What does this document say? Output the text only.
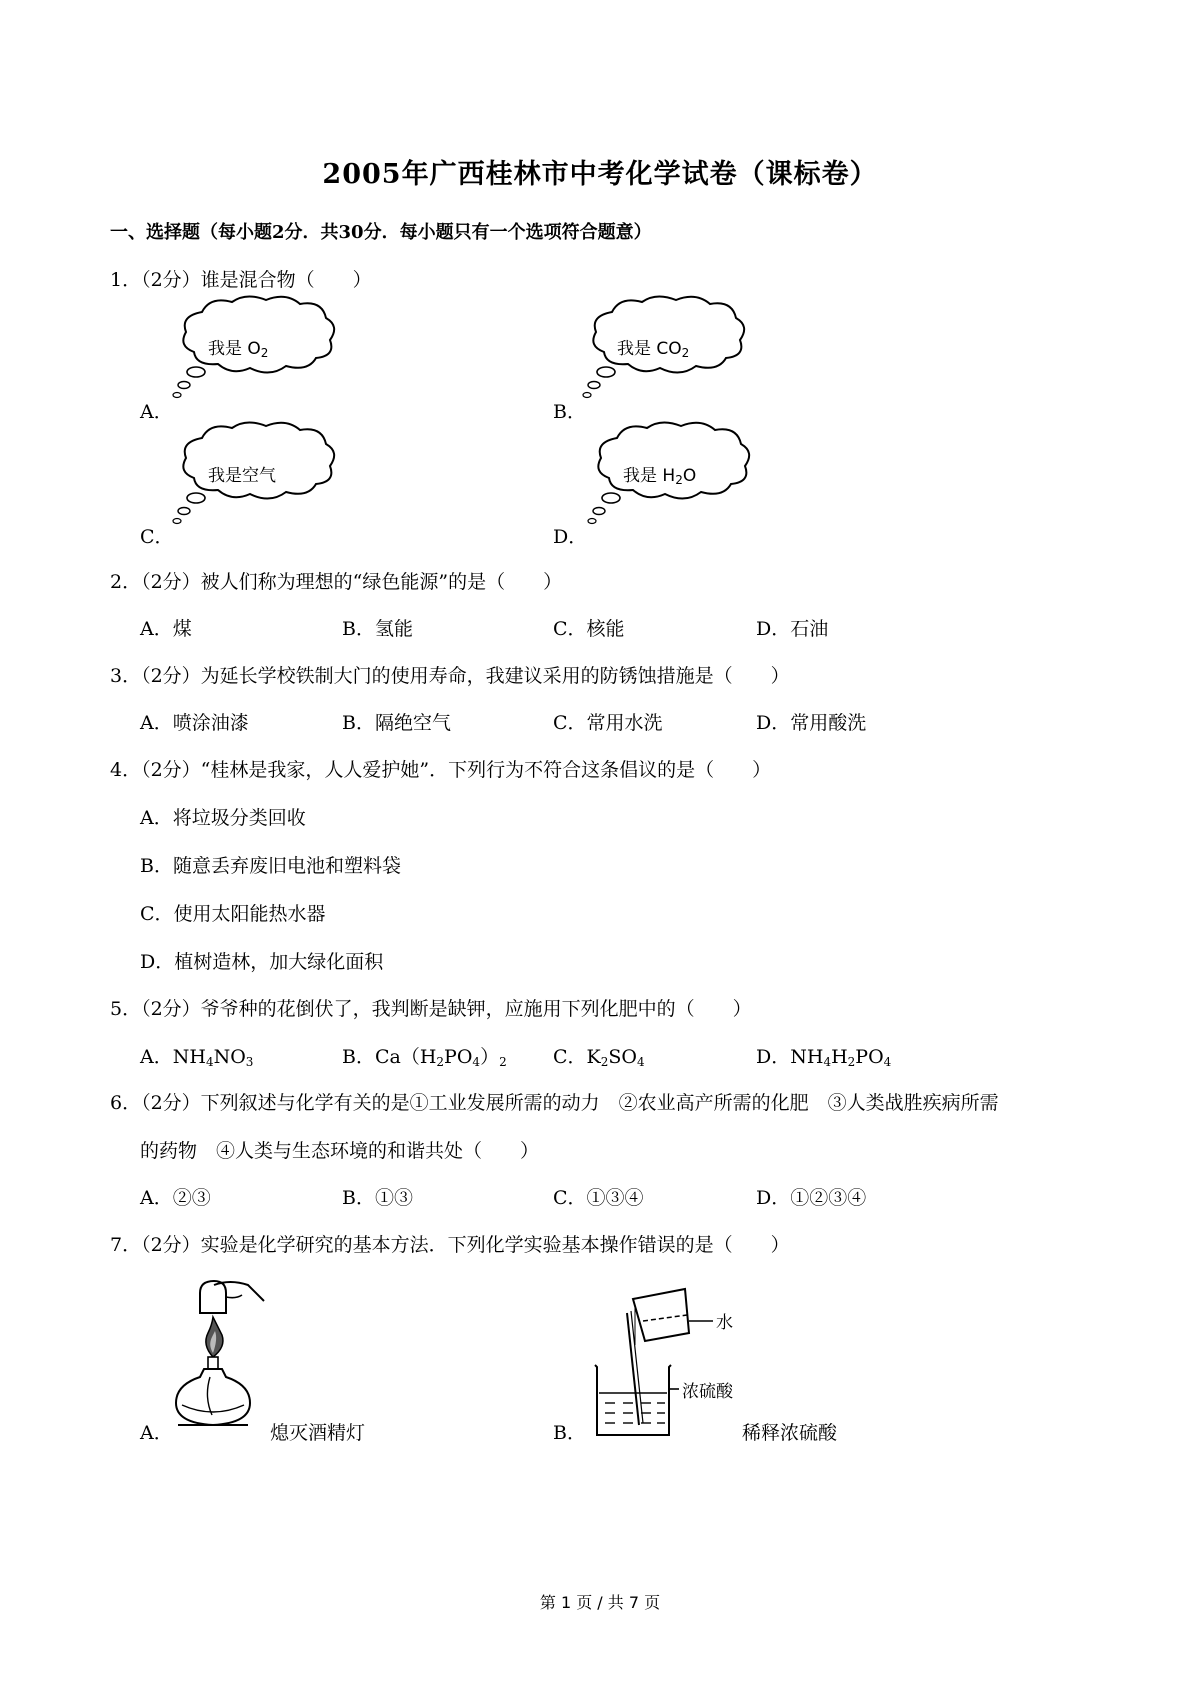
2005年广西桂林市中考化学试卷（课标卷）
一、选择题（每小题2分．共30分．每小题只有一个选项符合题意）
1．（2分）谁是混合物（　　）
我是 $O_2$
A．
我是 $CO_2$
B．
我是空气
C．
我是 $H_2O$
D．
2．（2分）被人们称为理想的“绿色能源”的是（　　）
A．煤	B．氢能	C．核能	D．石油
3．（2分）为延长学校铁制大门的使用寿命，我建议采用的防锈蚀措施是（　　）
A．喷涂油漆	B．隔绝空气	C．常用水洗	D．常用酸洗
4．（2分）“桂林是我家，人人爱护她”．下列行为不符合这条倡议的是（　　）
A．将垃圾分类回收
B．随意丢弃废旧电池和塑料袋
C．使用太阳能热水器
D．植树造林，加大绿化面积
5．（2分）爷爷种的花倒伏了，我判断是缺钾，应施用下列化肥中的（　　）
A．$NH_4NO_3$	B．$Ca(H_2PO_4)_2$ C．$K_2SO_4$	D．$NH_4H_2PO_4$
6．（2分）下列叙述与化学有关的是①工业发展所需的动力　②农业高产所需的化肥　③人类战胜疾病所需
的药物　④人类与生态环境的和谐共处（　　）
A．②③	B．①③	C．①③④	D．①②③④
7．（2分）实验是化学研究的基本方法．下列化学实验基本操作错误的是（　　）
A．	熄灭酒精灯
水
浓硫酸
B．	稀释浓硫酸
第 1 页 / 共 7 页
